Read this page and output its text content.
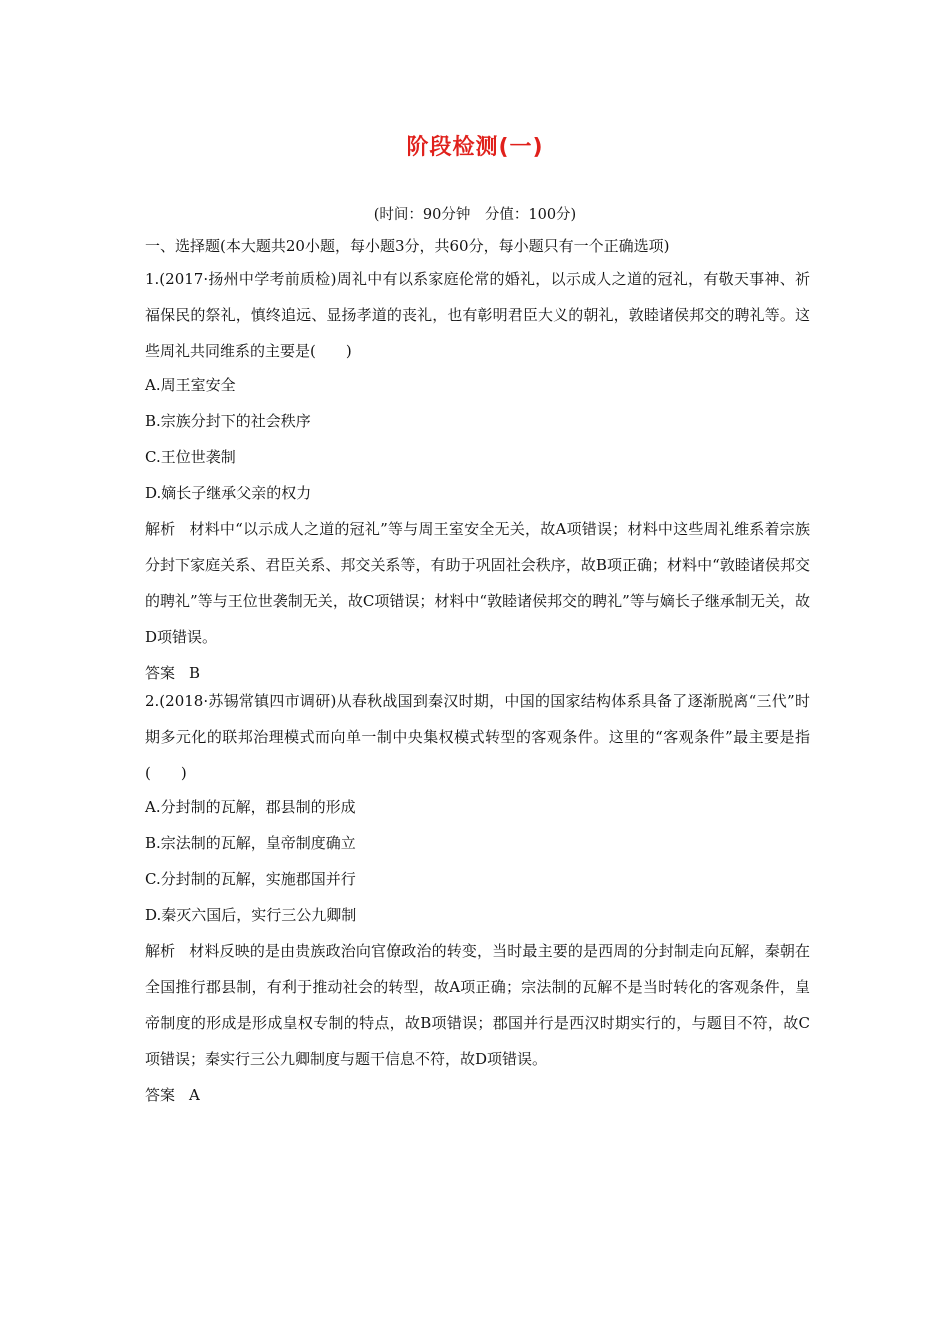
阶段检测(一)
(时间：90分钟　分值：100分)
一、选择题(本大题共20小题，每小题3分，共60分，每小题只有一个正确选项)
1.(2017·扬州中学考前质检)周礼中有以系家庭伦常的婚礼，以示成人之道的冠礼，有敬天事神、祈福保民的祭礼，慎终追远、显扬孝道的丧礼，也有彰明君臣大义的朝礼，敦睦诸侯邦交的聘礼等。这些周礼共同维系的主要是(　　)
A.周王室安全
B.宗族分封下的社会秩序
C.王位世袭制
D.嫡长子继承父亲的权力
解析 材料中“以示成人之道的冠礼”等与周王室安全无关，故A项错误；材料中这些周礼维系着宗族分封下家庭关系、君臣关系、邦交关系等，有助于巩固社会秩序，故B项正确；材料中“敦睦诸侯邦交的聘礼”等与王位世袭制无关，故C项错误；材料中“敦睦诸侯邦交的聘礼”等与嫡长子继承制无关，故D项错误。
答案 B
2.(2018·苏锡常镇四市调研)从春秋战国到秦汉时期，中国的国家结构体系具备了逐渐脱离“三代”时期多元化的联邦治理模式而向单一制中央集权模式转型的客观条件。这里的“客观条件”最主要是指(　　)
A.分封制的瓦解，郡县制的形成
B.宗法制的瓦解，皇帝制度确立
C.分封制的瓦解，实施郡国并行
D.秦灭六国后，实行三公九卿制
解析 材料反映的是由贵族政治向官僚政治的转变，当时最主要的是西周的分封制走向瓦解，秦朝在全国推行郡县制，有利于推动社会的转型，故A项正确；宗法制的瓦解不是当时转化的客观条件，皇帝制度的形成是形成皇权专制的特点，故B项错误；郡国并行是西汉时期实行的，与题目不符，故C项错误；秦实行三公九卿制度与题干信息不符，故D项错误。
答案 A
